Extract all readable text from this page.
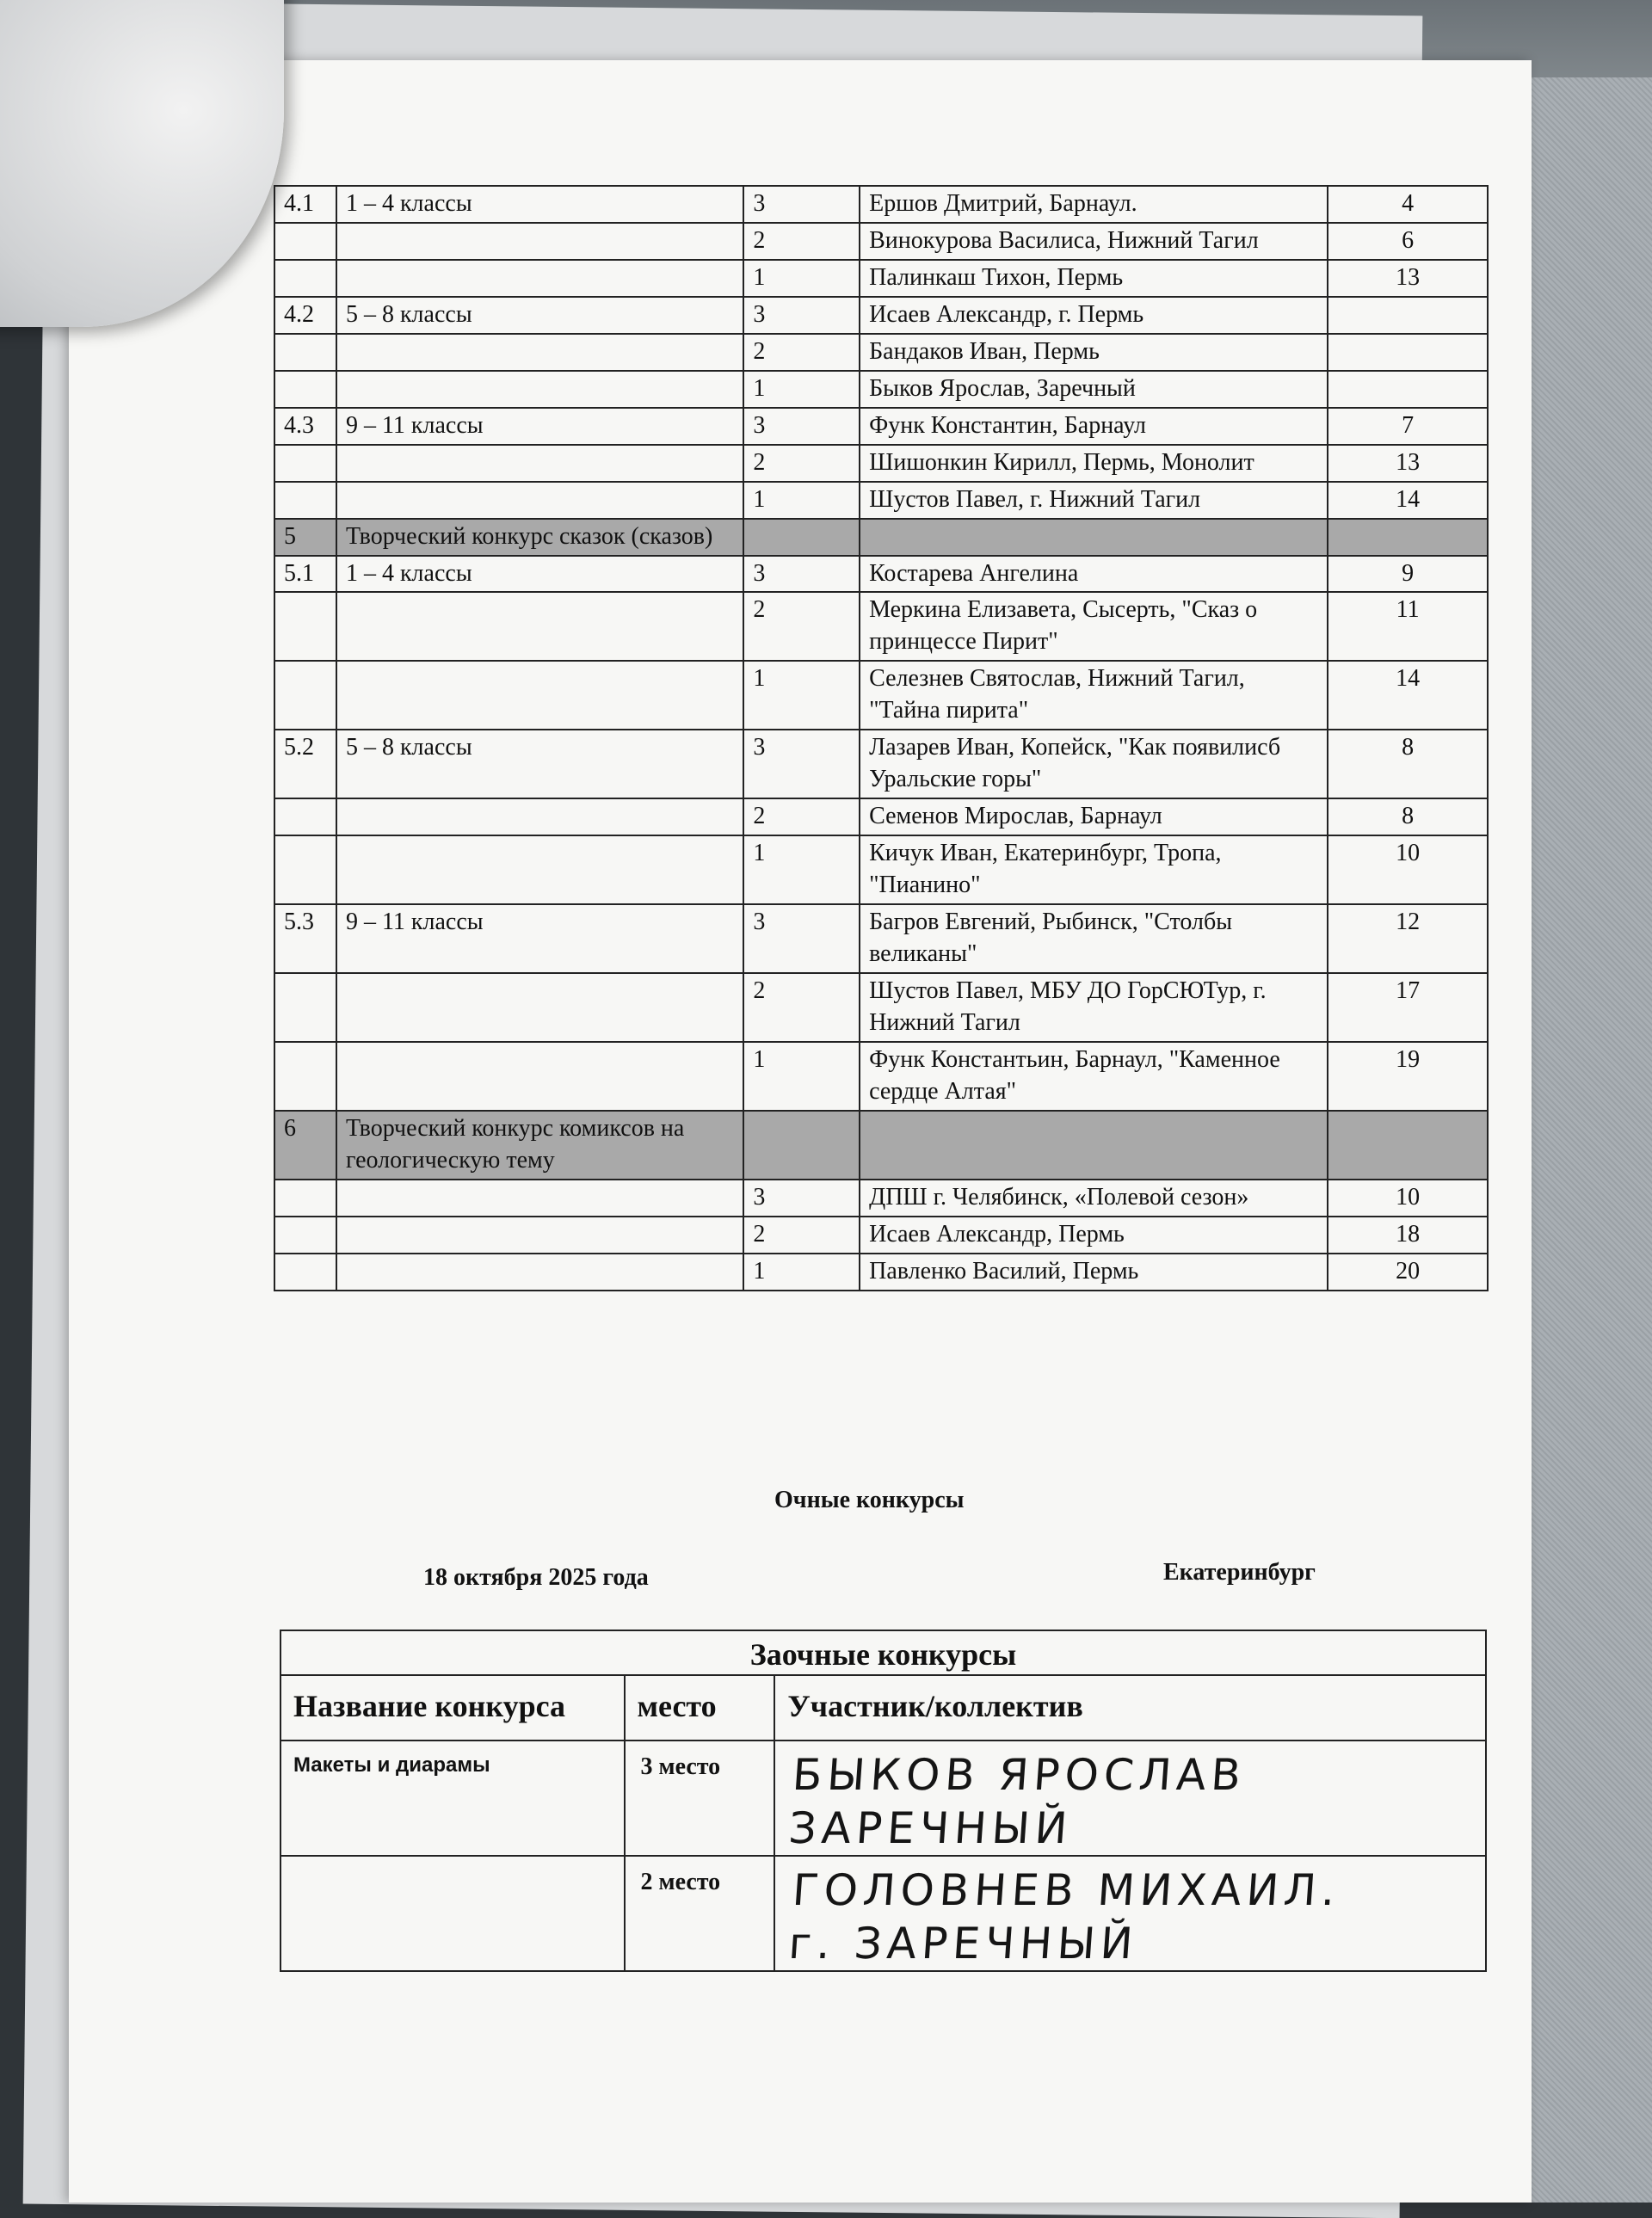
4.1	1 – 4 классы	3	Ершов Дмитрий, Барнаул.	4
		2	Винокурова Василиса, Нижний Тагил	6
		1	Палинкаш Тихон, Пермь	13
4.2	5 – 8 классы	3	Исаев Александр, г. Пермь	
		2	Бандаков Иван, Пермь	
		1	Быков Ярослав, Заречный	
4.3	9 – 11 классы	3	Функ Константин, Барнаул	7
		2	Шишонкин Кирилл, Пермь, Монолит	13
		1	Шустов Павел, г. Нижний Тагил	14
5	Творческий конкурс сказок (сказов)			
5.1	1 – 4 классы	3	Костарева Ангелина	9
		2	Меркина Елизавета, Сысерть, "Сказ о принцессе Пирит"	11
		1	Селезнев Святослав, Нижний Тагил, "Тайна пирита"	14
5.2	5 – 8 классы	3	Лазарев Иван, Копейск, "Как появилисб Уральские горы"	8
		2	Семенов Мирослав, Барнаул	8
		1	Кичук Иван, Екатеринбург, Тропа, "Пианино"	10
5.3	9 – 11 классы	3	Багров Евгений, Рыбинск, "Столбы великаны"	12
		2	Шустов Павел, МБУ ДО ГорСЮТур, г. Нижний Тагил	17
		1	Функ Константьин, Барнаул, "Каменное сердце Алтая"	19
6	Творческий конкурс комиксов на геологическую тему			
		3	ДПШ г. Челябинск, «Полевой сезон»	10
		2	Исаев Александр, Пермь	18
		1	Павленко Василий, Пермь	20
Очные конкурсы
18 октября 2025 года	Екатеринбург
Заочные конкурсы		
Название конкурса	место	Участник/коллектив
Макеты и диарамы	3 место	БЫКОВ ЯРОСЛАВ
ЗАРЕЧНЫЙ

	2 место	ГОЛОВНЕВ МИХАИЛ.
г. ЗАРЕЧНЫЙ
